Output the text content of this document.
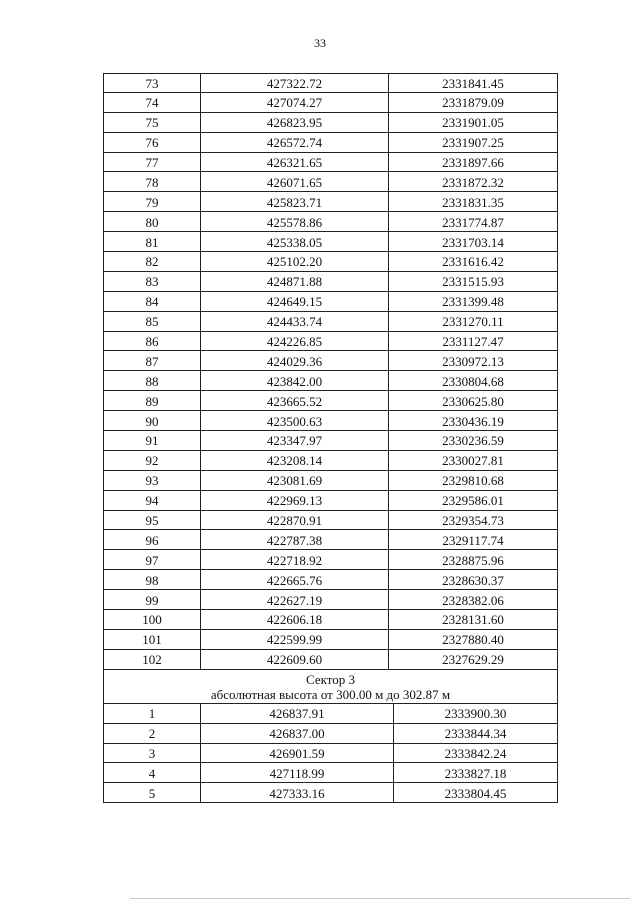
33
73	427322.72	2331841.45
74	427074.27	2331879.09
75	426823.95	2331901.05
76	426572.74	2331907.25
77	426321.65	2331897.66
78	426071.65	2331872.32
79	425823.71	2331831.35
80	425578.86	2331774.87
81	425338.05	2331703.14
82	425102.20	2331616.42
83	424871.88	2331515.93
84	424649.15	2331399.48
85	424433.74	2331270.11
86	424226.85	2331127.47
87	424029.36	2330972.13
88	423842.00	2330804.68
89	423665.52	2330625.80
90	423500.63	2330436.19
91	423347.97	2330236.59
92	423208.14	2330027.81
93	423081.69	2329810.68
94	422969.13	2329586.01
95	422870.91	2329354.73
96	422787.38	2329117.74
97	422718.92	2328875.96
98	422665.76	2328630.37
99	422627.19	2328382.06
100	422606.18	2328131.60
101	422599.99	2327880.40
102	422609.60	2327629.29
Сектор 3
абсолютная высота от 300.00 м до 302.87 м
1	426837.91	2333900.30
2	426837.00	2333844.34
3	426901.59	2333842.24
4	427118.99	2333827.18
5	427333.16	2333804.45
